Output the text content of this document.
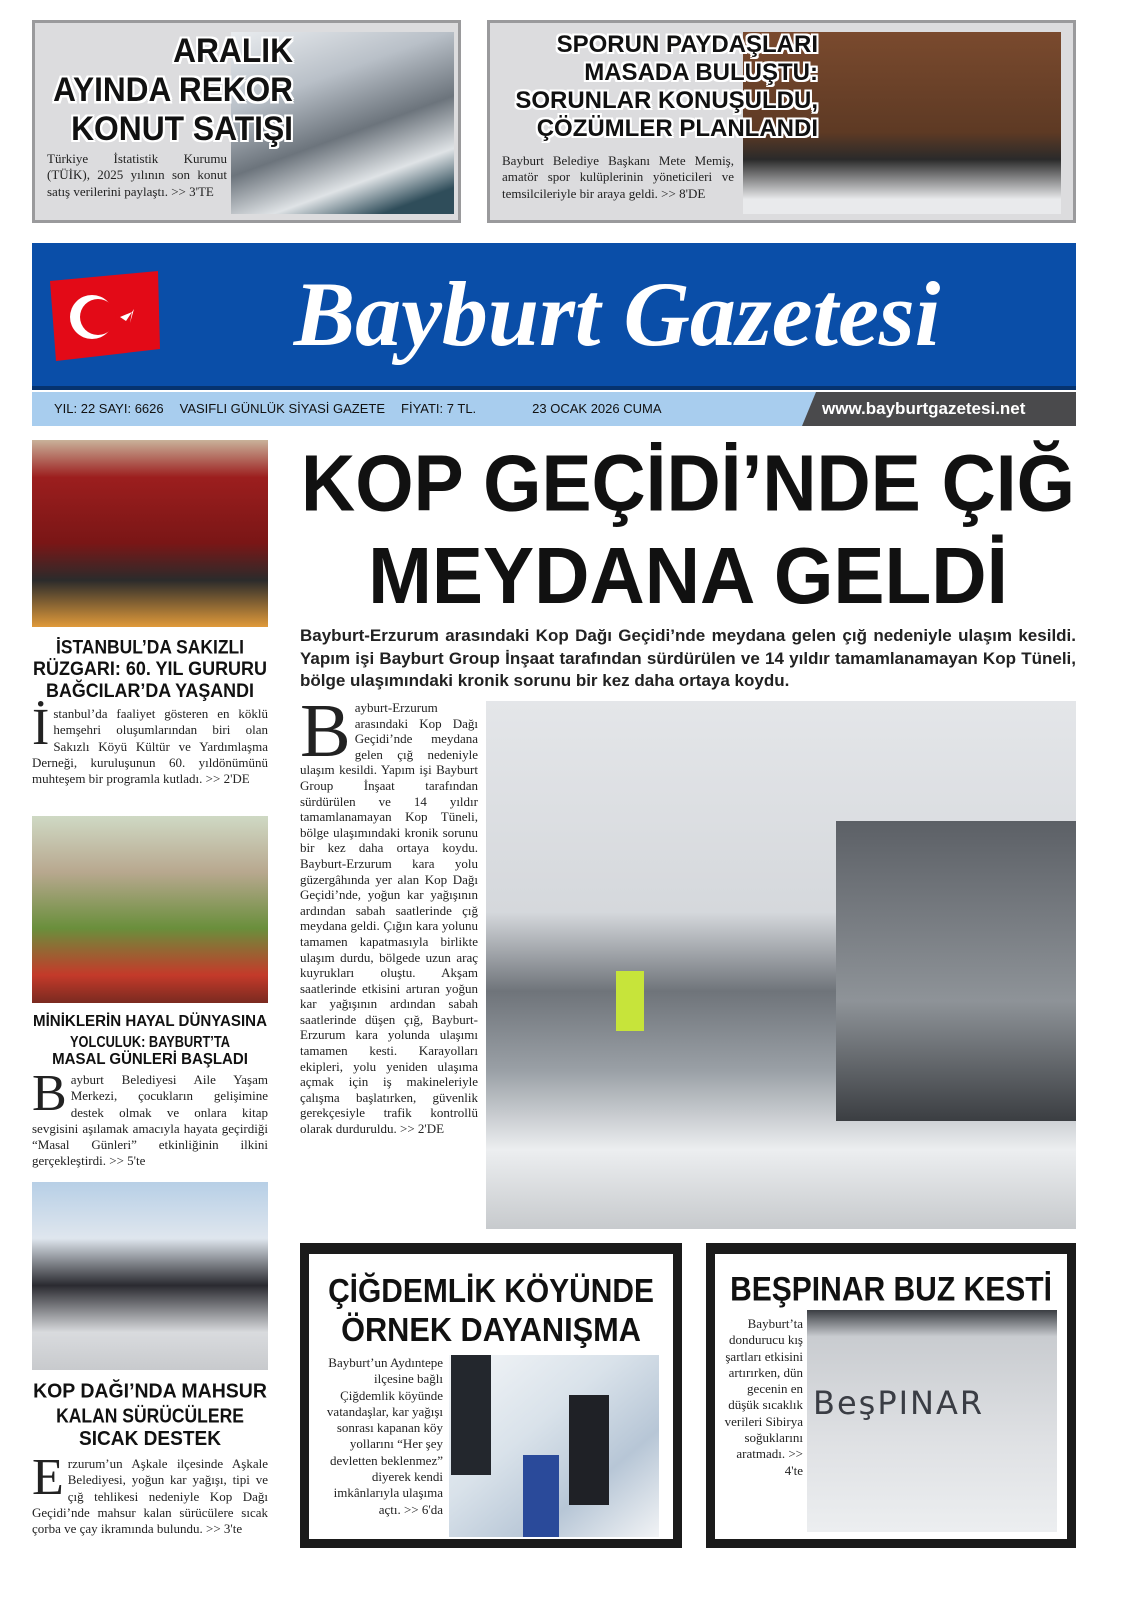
ARALIK
AYINDA REKOR
KONUT SATIŞI
Türkiye İstatistik Kurumu (TÜİK), 2025 yılının son konut satış verilerini paylaştı. >> 3'TE
SPORUN PAYDAŞLARI
MASADA BULUŞTU:
SORUNLAR KONUŞULDU,
ÇÖZÜMLER PLANLANDI
Bayburt Belediye Başkanı Mete Memiş, amatör spor kulüplerinin yöneticileri ve temsilcileriyle bir araya geldi. >> 8'DE
Bayburt Gazetesi
YIL: 22 SAYI: 6626 VASIFLI GÜNLÜK SİYASİ GAZETE FİYATI: 7 TL.	23 OCAK 2026 CUMA	www.bayburtgazetesi.net
İSTANBUL’DA SAKIZLI
RÜZGARI: 60. YIL GURURU
BAĞCILAR’DA YAŞANDI
İstanbul’da faaliyet gösteren en köklü hemşehri oluşumlarından biri olan Sakızlı Köyü Kültür ve Yardımlaşma Derneği, kuruluşunun 60. yıldönümünü muhteşem bir programla kutladı. >> 2'DE
MİNİKLERİN HAYAL DÜNYASINA
YOLCULUK: BAYBURT’TA
MASAL GÜNLERİ BAŞLADI
Bayburt Belediyesi Aile Yaşam Merkezi, çocukların gelişimine destek olmak ve onlara kitap sevgisini aşılamak amacıyla hayata geçirdiği “Masal Günleri” etkinliğinin ilkini gerçekleştirdi. >> 5'te
KOP DAĞI’NDA MAHSUR
KALAN SÜRÜCÜLERE
SICAK DESTEK
Erzurum’un Aşkale ilçesinde Aşkale Belediyesi, yoğun kar yağışı, tipi ve çığ tehlikesi nedeniyle Kop Dağı Geçidi’nde mahsur kalan sürücülere sıcak çorba ve çay ikramında bulundu. >> 3'te
KOP GEÇİDİ’NDE ÇIĞ
MEYDANA GELDİ
Bayburt-Erzurum arasındaki Kop Dağı Geçidi’nde meydana gelen çığ nedeniyle ulaşım kesildi. Yapım işi Bayburt Group İnşaat tarafından sürdürülen ve 14 yıldır tamamlanamayan Kop Tüneli, bölge ulaşımındaki kronik sorunu bir kez daha ortaya koydu.
Bayburt-Erzurum arasındaki Kop Dağı Geçidi’nde meydana gelen çığ nedeniyle ulaşım kesildi. Yapım işi Bayburt Group İnşaat tarafından sürdürülen ve 14 yıldır tamamlanamayan Kop Tüneli, bölge ulaşımındaki kronik sorunu bir kez daha ortaya koydu. Bayburt-Erzurum kara yolu güzergâhında yer alan Kop Dağı Geçidi’nde, yoğun kar yağışının ardından sabah saatlerinde çığ meydana geldi. Çığın kara yolunu tamamen kapatmasıyla birlikte ulaşım durdu, bölgede uzun araç kuyrukları oluştu. Akşam saatlerinde etkisini artıran yoğun kar yağışının ardından sabah saatlerinde düşen çığ, Bayburt-Erzurum kara yolunda ulaşımı tamamen kesti. Karayolları ekipleri, yolu yeniden ulaşıma açmak için iş makineleriyle çalışma başlatırken, güvenlik gerekçesiyle trafik kontrollü olarak durduruldu. >> 2'DE
ÇİĞDEMLİK KÖYÜNDE
ÖRNEK DAYANIŞMA
Bayburt’un Aydıntepe ilçesine bağlı Çiğdemlik köyünde vatandaşlar, kar yağışı sonrası kapanan köy yollarını “Her şey devletten beklenmez” diyerek kendi imkânlarıyla ulaşıma açtı. >> 6'da
BEŞPINAR BUZ KESTİ
Bayburt’ta dondurucu kış şartları etkisini artırırken, dün gecenin en düşük sıcaklık verileri Sibirya soğuklarını aratmadı. >> 4'te
BeşPINAR
